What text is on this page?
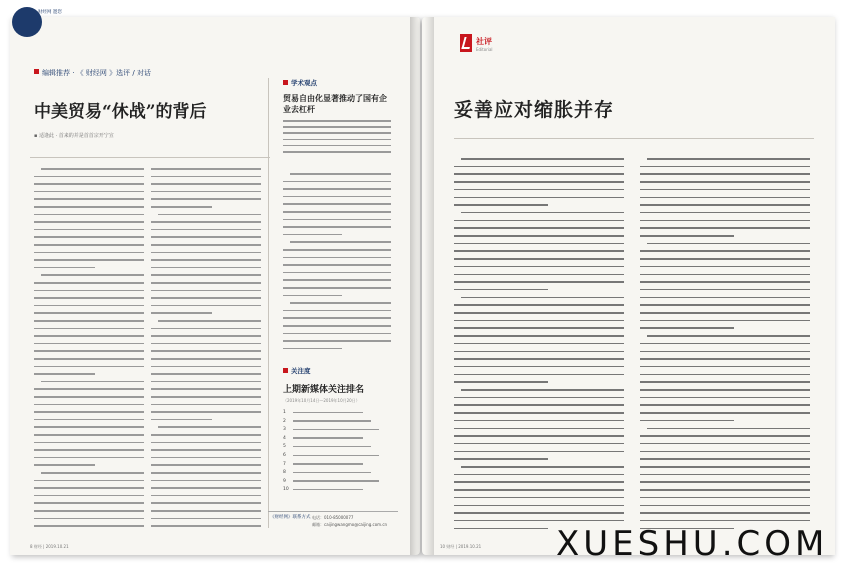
财经网 邀您
编辑推荐 · 《 财经网 》选评 / 对话
中美贸易“休战”的背后
▪ 适逢此 · 首来的并是首首宗开宁宣
学术观点
贸易自由化显著推动了国有企业去杠杆
关注度
上期新媒体关注排名
（2019年10月14日—2019年10月20日）
1
2
3
4
5
6
7
8
9
10
《财经网》联系方式 电话：010-85000077
邮箱：caijingwangmo@caijing.com.cn
8 财经 | 2019.10.21
社评
Editorial
妥善应对缩胀并存
10 财经 | 2019.10.21 XUESHU.COM
